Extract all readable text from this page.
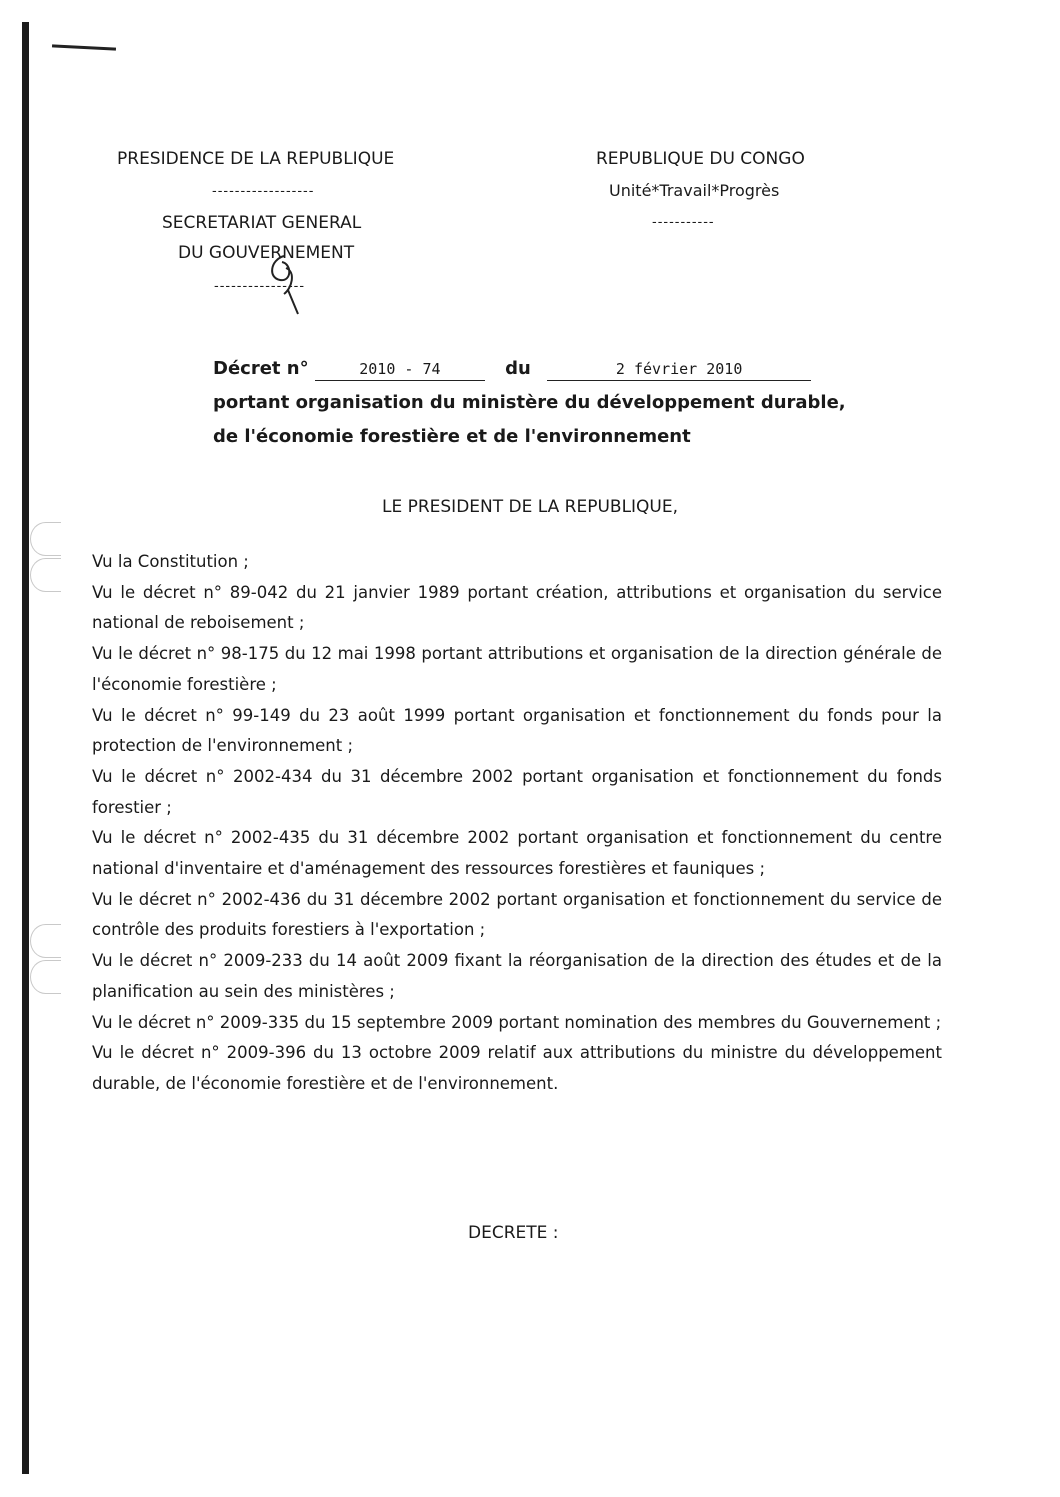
PRESIDENCE DE LA REPUBLIQUE
------------------
SECRETARIAT GENERAL
DU GOUVERNEMENT
----------------
REPUBLIQUE DU CONGO
Unité*Travail*Progrès
-----------
Décret n°	2010 - 74	du	2 février 2010
portant organisation du ministère du développement durable,
de l'économie forestière et de l'environnement
LE PRESIDENT DE LA REPUBLIQUE,
Vu la Constitution ;
Vu le décret n° 89-042 du 21 janvier 1989 portant création, attributions et organisation du service national de reboisement ;
Vu le décret n° 98-175 du 12 mai 1998 portant attributions et organisation de la direction générale de l'économie forestière ;
Vu le décret n° 99-149 du 23 août 1999 portant organisation et fonctionnement du fonds pour la protection de l'environnement ;
Vu le décret n° 2002-434 du 31 décembre 2002 portant organisation et fonctionnement du fonds forestier ;
Vu le décret n° 2002-435 du 31 décembre 2002 portant organisation et fonctionnement du centre national d'inventaire et d'aménagement des ressources forestières et fauniques ;
Vu le décret n° 2002-436 du 31 décembre 2002 portant organisation et fonctionnement du service de contrôle des produits forestiers à l'exportation ;
Vu le décret n° 2009-233 du 14 août 2009 fixant la réorganisation de la direction des études et de la planification au sein des ministères ;
Vu le décret n° 2009-335 du 15 septembre 2009 portant nomination des membres du Gouvernement ;
Vu le décret n° 2009-396 du 13 octobre 2009 relatif aux attributions du ministre du développement durable, de l'économie forestière et de l'environnement.
DECRETE :
